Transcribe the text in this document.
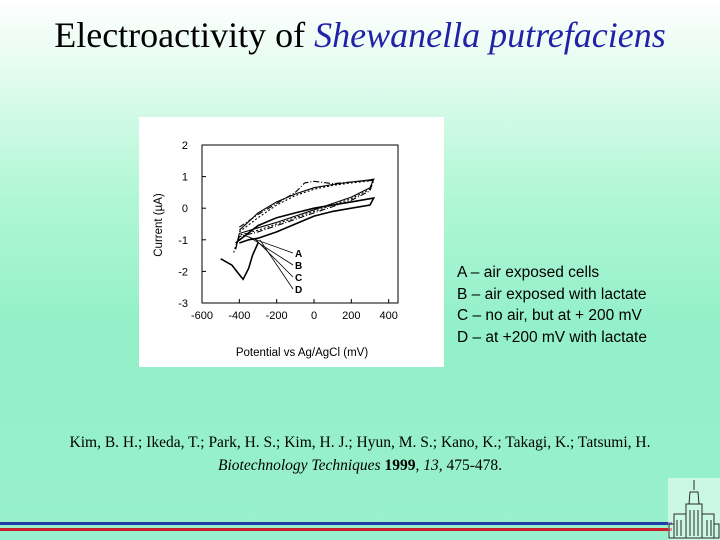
Electroactivity of Shewanella putrefaciens
-600 -400 -200 0 200 400
2
1
0
-1
-2
-3
A
B
C
D
Potential vs Ag/AgCl (mV)
Current (µA)
A – air exposed cells
B – air exposed with lactate
C – no air, but at + 200 mV
D – at +200 mV with lactate
Kim, B. H.; Ikeda, T.; Park, H. S.; Kim, H. J.; Hyun, M. S.; Kano, K.; Takagi, K.; Tatsumi, H.
Biotechnology Techniques 1999, 13, 475-478.
